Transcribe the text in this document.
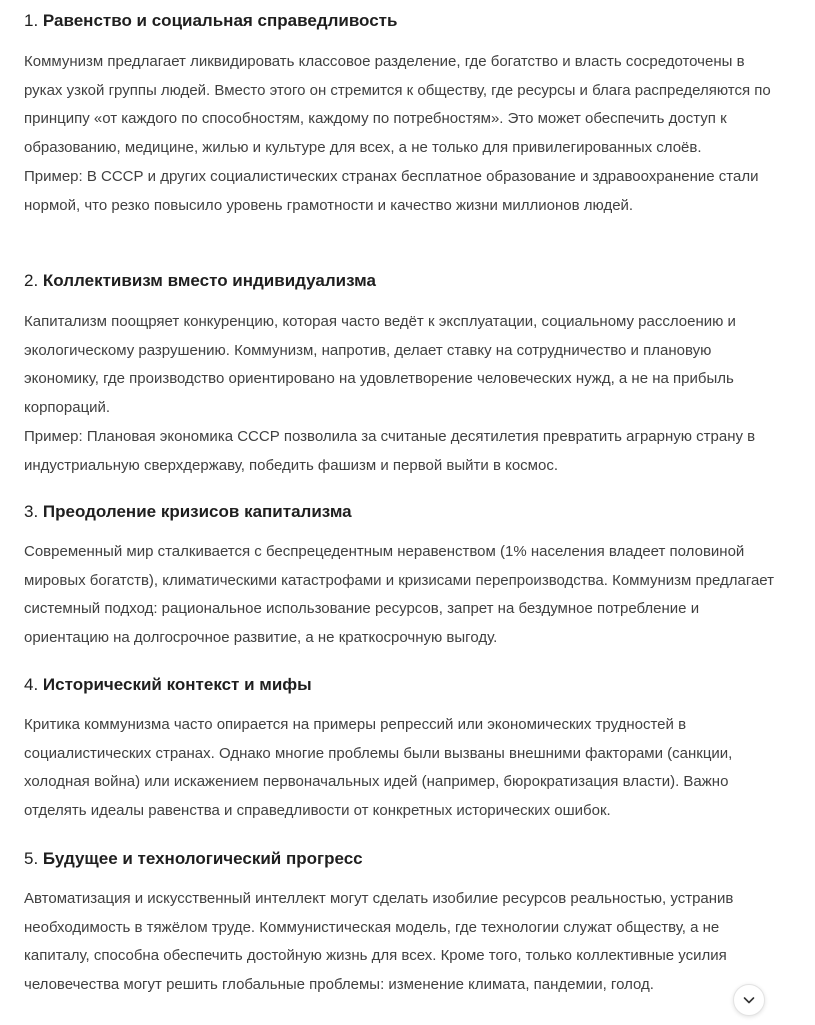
1. Равенство и социальная справедливость
Коммунизм предлагает ликвидировать классовое разделение, где богатство и власть сосредоточены в руках узкой группы людей. Вместо этого он стремится к обществу, где ресурсы и блага распределяются по принципу «от каждого по способностям, каждому по потребностям». Это может обеспечить доступ к образованию, медицине, жилью и культуре для всех, а не только для привилегированных слоёв.
Пример: В СССР и других социалистических странах бесплатное образование и здравоохранение стали нормой, что резко повысило уровень грамотности и качество жизни миллионов людей.
2. Коллективизм вместо индивидуализма
Капитализм поощряет конкуренцию, которая часто ведёт к эксплуатации, социальному расслоению и экологическому разрушению. Коммунизм, напротив, делает ставку на сотрудничество и плановую экономику, где производство ориентировано на удовлетворение человеческих нужд, а не на прибыль корпораций.
Пример: Плановая экономика СССР позволила за считаные десятилетия превратить аграрную страну в индустриальную сверхдержаву, победить фашизм и первой выйти в космос.
3. Преодоление кризисов капитализма
Современный мир сталкивается с беспрецедентным неравенством (1% населения владеет половиной мировых богатств), климатическими катастрофами и кризисами перепроизводства. Коммунизм предлагает системный подход: рациональное использование ресурсов, запрет на бездумное потребление и ориентацию на долгосрочное развитие, а не краткосрочную выгоду.
4. Исторический контекст и мифы
Критика коммунизма часто опирается на примеры репрессий или экономических трудностей в социалистических странах. Однако многие проблемы были вызваны внешними факторами (санкции, холодная война) или искажением первоначальных идей (например, бюрократизация власти). Важно отделять идеалы равенства и справедливости от конкретных исторических ошибок.
5. Будущее и технологический прогресс
Автоматизация и искусственный интеллект могут сделать изобилие ресурсов реальностью, устранив необходимость в тяжёлом труде. Коммунистическая модель, где технологии служат обществу, а не капиталу, способна обеспечить достойную жизнь для всех. Кроме того, только коллективные усилия человечества могут решить глобальные проблемы: изменение климата, пандемии, голод.
